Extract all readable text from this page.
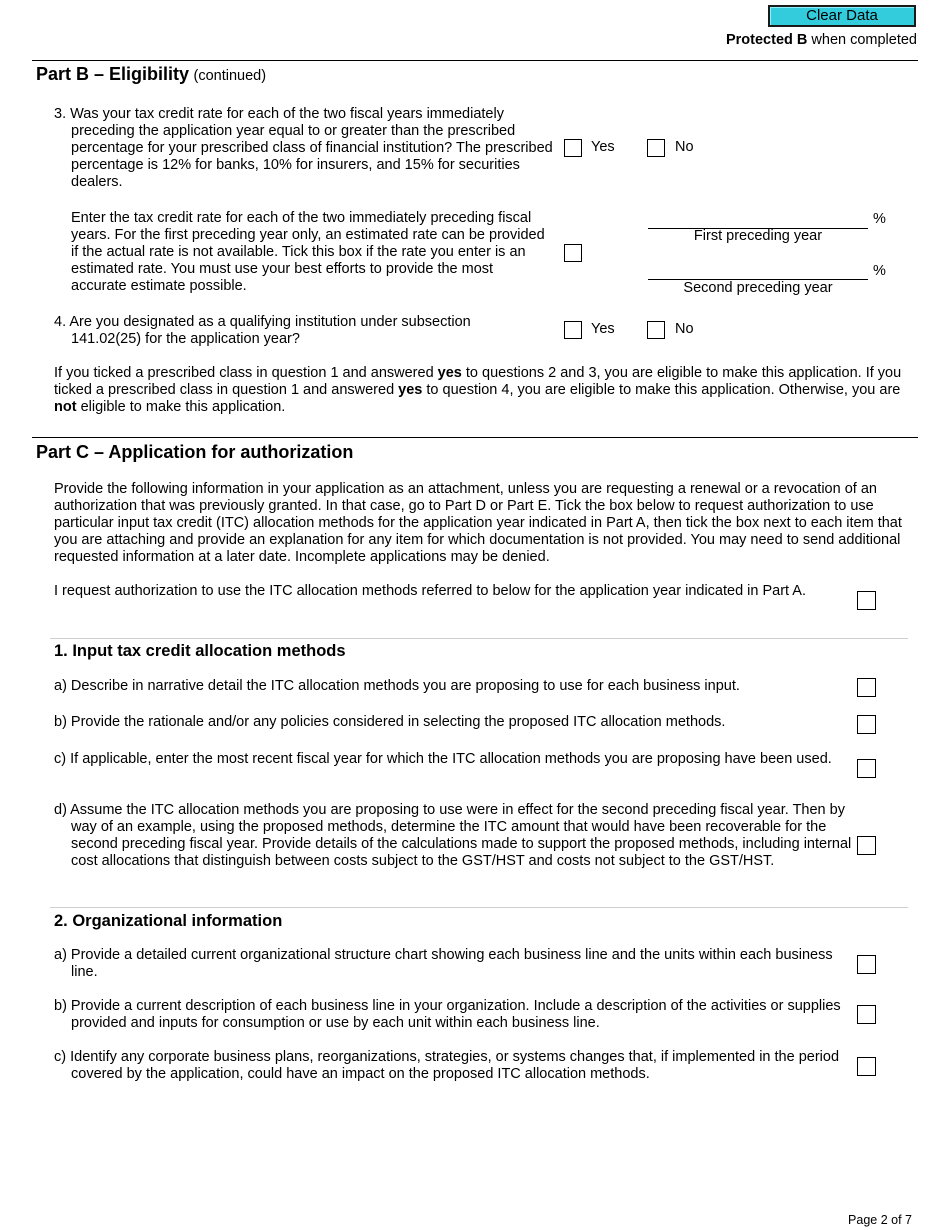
Clear Data
Protected B when completed
Part B – Eligibility (continued)
3. Was your tax credit rate for each of the two fiscal years immediately preceding the application year equal to or greater than the prescribed percentage for your prescribed class of financial institution? The prescribed percentage is 12% for banks, 10% for insurers, and 15% for securities dealers.
Yes	No
Enter the tax credit rate for each of the two immediately preceding fiscal years. For the first preceding year only, an estimated rate can be provided if the actual rate is not available. Tick this box if the rate you enter is an estimated rate. You must use your best efforts to provide the most accurate estimate possible.
%
First preceding year
%
Second preceding year
4. Are you designated as a qualifying institution under subsection 141.02(25) for the application year?
Yes	No
If you ticked a prescribed class in question 1 and answered yes to questions 2 and 3, you are eligible to make this application. If you ticked a prescribed class in question 1 and answered yes to question 4, you are eligible to make this application. Otherwise, you are not eligible to make this application.
Part C – Application for authorization
Provide the following information in your application as an attachment, unless you are requesting a renewal or a revocation of an authorization that was previously granted. In that case, go to Part D or Part E. Tick the box below to request authorization to use particular input tax credit (ITC) allocation methods for the application year indicated in Part A, then tick the box next to each item that you are attaching and provide an explanation for any item for which documentation is not provided. You may need to send additional requested information at a later date. Incomplete applications may be denied.
I request authorization to use the ITC allocation methods referred to below for the application year indicated in Part A.
1. Input tax credit allocation methods
a) Describe in narrative detail the ITC allocation methods you are proposing to use for each business input.
b) Provide the rationale and/or any policies considered in selecting the proposed ITC allocation methods.
c) If applicable, enter the most recent fiscal year for which the ITC allocation methods you are proposing have been used.
d) Assume the ITC allocation methods you are proposing to use were in effect for the second preceding fiscal year. Then by way of an example, using the proposed methods, determine the ITC amount that would have been recoverable for the second preceding fiscal year. Provide details of the calculations made to support the proposed methods, including internal cost allocations that distinguish between costs subject to the GST/HST and costs not subject to the GST/HST.
2. Organizational information
a) Provide a detailed current organizational structure chart showing each business line and the units within each business line.
b) Provide a current description of each business line in your organization. Include a description of the activities or supplies provided and inputs for consumption or use by each unit within each business line.
c) Identify any corporate business plans, reorganizations, strategies, or systems changes that, if implemented in the period covered by the application, could have an impact on the proposed ITC allocation methods.
Page 2 of 7
